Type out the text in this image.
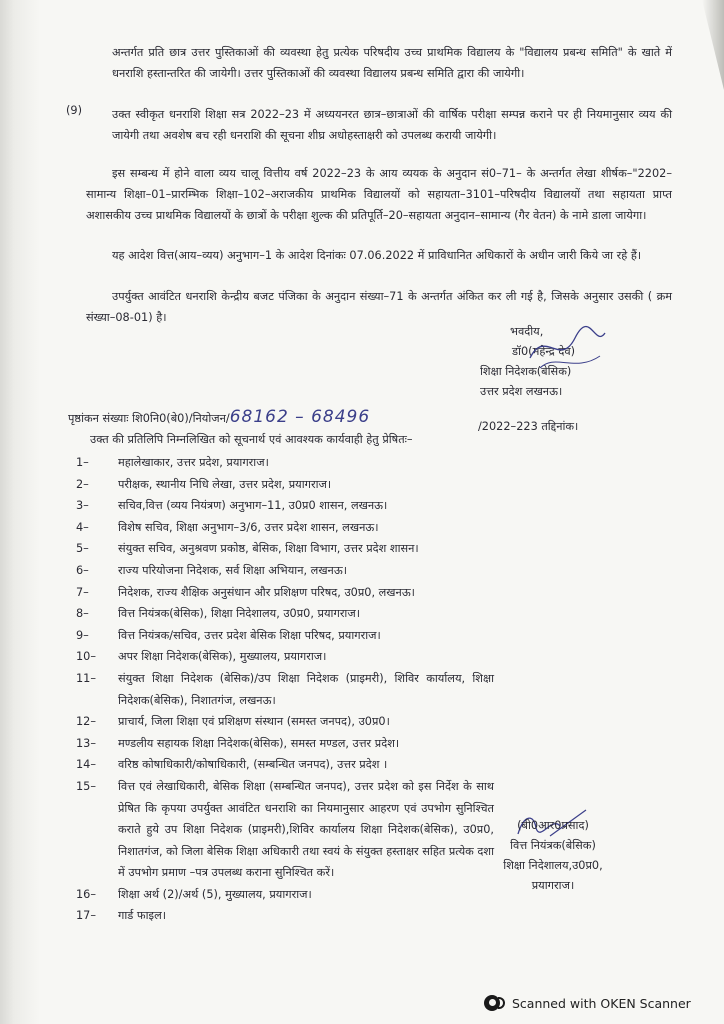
अन्तर्गत प्रति छात्र उत्तर पुस्तिकाओं की व्यवस्था हेतु प्रत्येक परिषदीय उच्च प्राथमिक विद्यालय के "विद्यालय प्रबन्ध समिति" के खाते में धनराशि हस्तान्तरित की जायेगी। उत्तर पुस्तिकाओं की व्यवस्था विद्यालय प्रबन्ध समिति द्वारा की जायेगी।
(9)	उक्त स्वीकृत धनराशि शिक्षा सत्र 2022–23 में अध्ययनरत छात्र–छात्राओं की वार्षिक परीक्षा सम्पन्न कराने पर ही नियमानुसार व्यय की जायेगी तथा अवशेष बच रही धनराशि की सूचना शीघ्र अधोहस्ताक्षरी को उपलब्ध करायी जायेगी।
इस सम्बन्ध में होने वाला व्यय चालू वित्तीय वर्ष 2022–23 के आय व्ययक के अनुदान सं0–71– के अन्तर्गत लेखा शीर्षक–"2202–सामान्य शिक्षा–01–प्रारम्भिक शिक्षा–102–अराजकीय प्राथमिक विद्यालयों को सहायता–3101–परिषदीय विद्यालयों तथा सहायता प्राप्त अशासकीय उच्च प्राथमिक विद्यालयों के छात्रों के परीक्षा शुल्क की प्रतिपूर्ति–20–सहायता अनुदान–सामान्य (गैर वेतन) के नामे डाला जायेगा।
यह आदेश वित्त(आय–व्यय) अनुभाग–1 के आदेश दिनांकः 07.06.2022 में प्राविधानित अधिकारों के अधीन जारी किये जा रहे हैं।
उपर्युक्त आवंटित धनराशि केन्द्रीय बजट पंजिका के अनुदान संख्या–71 के अन्तर्गत अंकित कर ली गई है, जिसके अनुसार उसकी ( क्रम संख्या–08-01) है।
भवदीय,
डॉ0(महेन्द्र देव)
शिक्षा निदेशक(बेसिक)
उत्तर प्रदेश लखनऊ।
पृष्ठांकन संख्याः शि0नि0(बे0)/नियोजन/68162 – 68496	/2022–223 तद्दिनांक।
उक्त की प्रतिलिपि निम्नलिखित को सूचनार्थ एवं आवश्यक कार्यवाही हेतु प्रेषितः–
1–	महालेखाकार, उत्तर प्रदेश, प्रयागराज।
2–	परीक्षक, स्थानीय निधि लेखा, उत्तर प्रदेश, प्रयागराज।
3–	सचिव,वित्त (व्यय नियंत्रण) अनुभाग–11, उ0प्र0 शासन, लखनऊ।
4–	विशेष सचिव, शिक्षा अनुभाग–3/6, उत्तर प्रदेश शासन, लखनऊ।
5–	संयुक्त सचिव, अनुश्रवण प्रकोष्ठ, बेसिक, शिक्षा विभाग, उत्तर प्रदेश शासन।
6–	राज्य परियोजना निदेशक, सर्व शिक्षा अभियान, लखनऊ।
7–	निदेशक, राज्य शैक्षिक अनुसंधान और प्रशिक्षण परिषद, उ0प्र0, लखनऊ।
8–	वित्त नियंत्रक(बेसिक), शिक्षा निदेशालय, उ0प्र0, प्रयागराज।
9–	वित्त नियंत्रक/सचिव, उत्तर प्रदेश बेसिक शिक्षा परिषद, प्रयागराज।
10–	अपर शिक्षा निदेशक(बेसिक), मुख्यालय, प्रयागराज।
11–	संयुक्त शिक्षा निदेशक (बेसिक)/उप शिक्षा निदेशक (प्राइमरी), शिविर कार्यालय, शिक्षा निदेशक(बेसिक), निशातगंज, लखनऊ।
12–	प्राचार्य, जिला शिक्षा एवं प्रशिक्षण संस्थान (समस्त जनपद), उ0प्र0।
13–	मण्डलीय सहायक शिक्षा निदेशक(बेसिक), समस्त मण्डल, उत्तर प्रदेश।
14–	वरिष्ठ कोषाधिकारी/कोषाधिकारी, (सम्बन्धित जनपद), उत्तर प्रदेश ।
15–	वित्त एवं लेखाधिकारी, बेसिक शिक्षा (सम्बन्धित जनपद), उत्तर प्रदेश को इस निर्देश के साथ प्रेषित कि कृपया उपर्युक्त आवंटित धनराशि का नियमानुसार आहरण एवं उपभोग सुनिश्चित कराते हुये उप शिक्षा निदेशक (प्राइमरी),शिविर कार्यालय शिक्षा निदेशक(बेसिक), उ0प्र0, निशातगंज, को जिला बेसिक शिक्षा अधिकारी तथा स्वयं के संयुक्त हस्ताक्षर सहित प्रत्येक दशा में उपभोग प्रमाण –पत्र उपलब्ध कराना सुनिश्चित करें।
16–	शिक्षा अर्थ (2)/अर्थ (5), मुख्यालय, प्रयागराज।
17–	गार्ड फाइल।
(बी0आर0प्रसाद)
वित्त नियंत्रक(बेसिक)
शिक्षा निदेशालय,उ0प्र0,
प्रयागराज।
Scanned with OKEN Scanner
